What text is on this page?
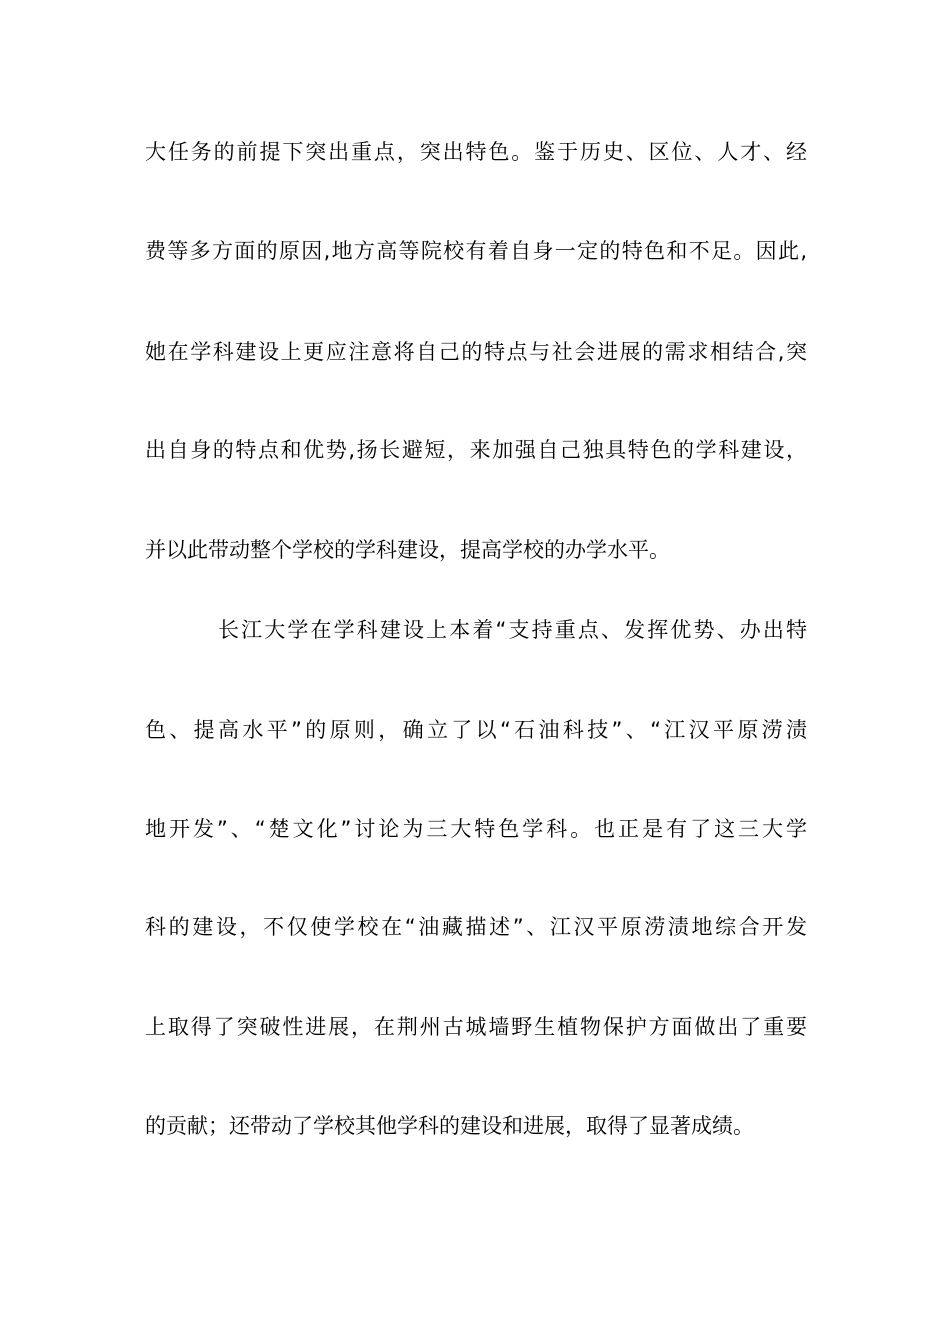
大任务的前提下突出重点，突出特色。鉴于历史、区位、人才、经
费等多方面的原因,地方高等院校有着自身一定的特色和不足。因此,
她在学科建设上更应注意将自己的特点与社会进展的需求相结合,突
出自身的特点和优势,扬长避短，来加强自己独具特色的学科建设，
并以此带动整个学校的学科建设，提高学校的办学水平。
长江大学在学科建设上本着“支持重点、发挥优势、办出特
色、提高水平”的原则，确立了以“石油科技”、“江汉平原涝渍
地开发”、“楚文化”讨论为三大特色学科。也正是有了这三大学
科的建设，不仅使学校在“油藏描述”、江汉平原涝渍地综合开发
上取得了突破性进展，在荆州古城墙野生植物保护方面做出了重要
的贡献；还带动了学校其他学科的建设和进展，取得了显著成绩。
